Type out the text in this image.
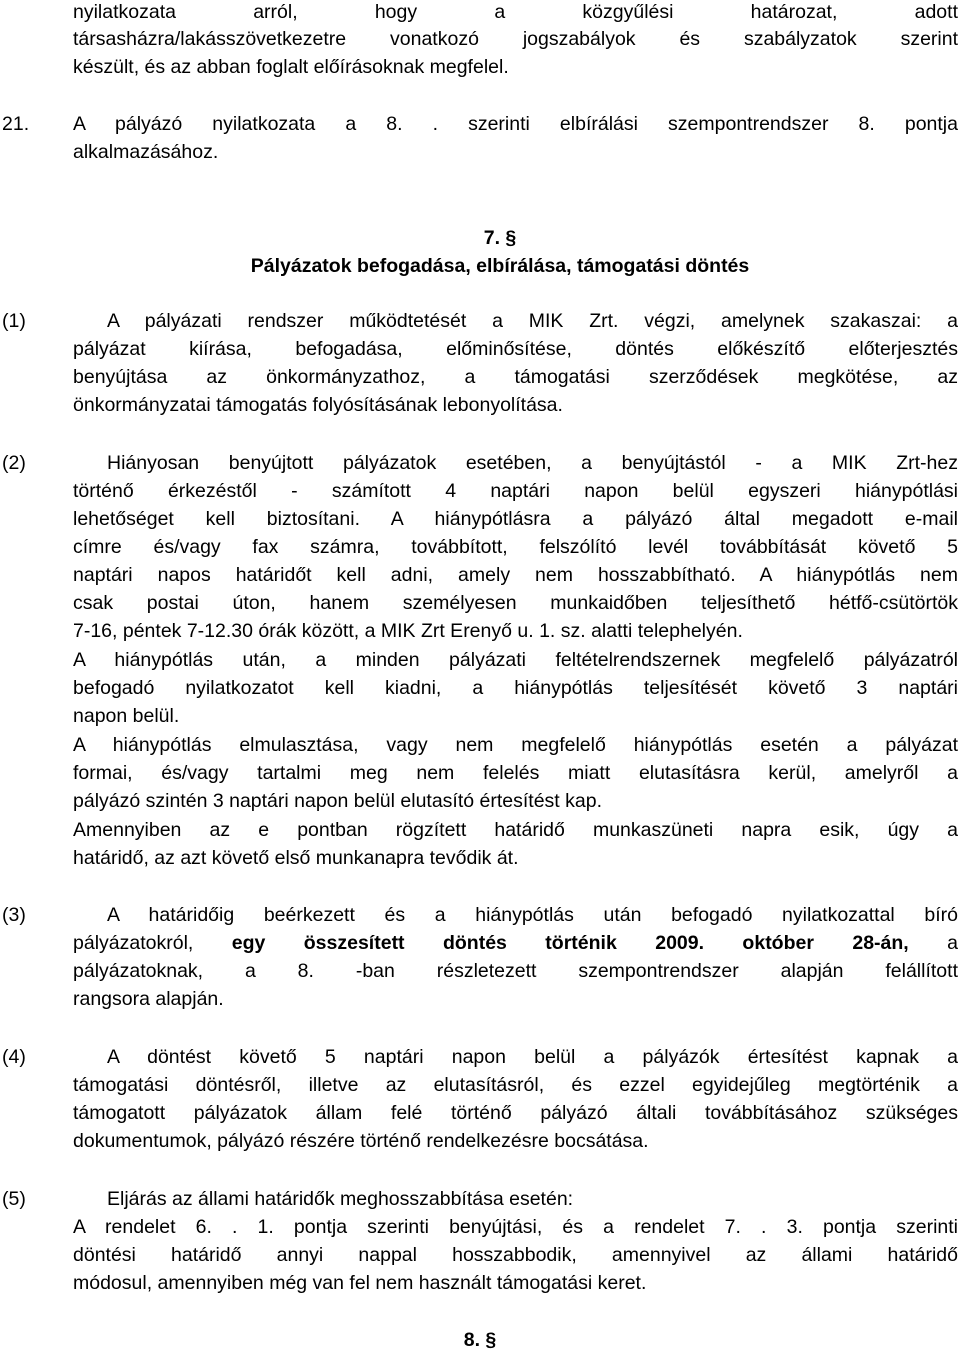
nyilatkozata arról, hogy a közgyűlési határozat, adott
társasházra/lakásszövetkezetre vonatkozó jogszabályok és szabályzatok szerint
készült, és az abban foglalt előírásoknak megfelel.
21. A pályázó nyilatkozata a 8. . szerinti elbírálási szempontrendszer 8. pontja
alkalmazásához.
7. §
Pályázatok befogadása, elbírálása, támogatási döntés
(1)	A pályázati rendszer működtetését a MIK Zrt. végzi, amelynek szakaszai: a
pályázat kiírása, befogadása, előminősítése, döntés előkészítő előterjesztés
benyújtása az önkormányzathoz, a támogatási szerződések megkötése, az
önkormányzatai támogatás folyósításának lebonyolítása.
(2)	Hiányosan benyújtott pályázatok esetében, a benyújtástól - a MIK Zrt-hez
történő érkezéstől - számított 4 naptári napon belül egyszeri hiánypótlási
lehetőséget kell biztosítani. A hiánypótlásra a pályázó által megadott e-mail
címre és/vagy fax számra, továbbított, felszólító levél továbbítását követő 5
naptári napos határidőt kell adni, amely nem hosszabbítható. A hiánypótlás nem
csak postai úton, hanem személyesen munkaidőben teljesíthető hétfő-csütörtök
7-16, péntek 7-12.30 órák között, a MIK Zrt Erenyő u. 1. sz. alatti telephelyén.
A hiánypótlás után, a minden pályázati feltételrendszernek megfelelő pályázatról
befogadó nyilatkozatot kell kiadni, a hiánypótlás teljesítését követő 3 naptári
napon belül.
A hiánypótlás elmulasztása, vagy nem megfelelő hiánypótlás esetén a pályázat
formai, és/vagy tartalmi meg nem felelés miatt elutasításra kerül, amelyről a
pályázó szintén 3 naptári napon belül elutasító értesítést kap.
Amennyiben az e pontban rögzített határidő munkaszüneti napra esik, úgy a
határidő, az azt követő első munkanapra tevődik át.
(3)	A határidőig beérkezett és a hiánypótlás után befogadó nyilatkozattal bíró
pályázatokról, egy összesített döntés történik 2009. október 28-án, a
pályázatoknak, a 8. -ban részletezett szempontrendszer alapján felállított
rangsora alapján.
(4)	A döntést követő 5 naptári napon belül a pályázók értesítést kapnak a
támogatási döntésről, illetve az elutasításról, és ezzel egyidejűleg megtörténik a
támogatott pályázatok állam felé történő pályázó általi továbbításához szükséges
dokumentumok, pályázó részére történő rendelkezésre bocsátása.
(5)	Eljárás az állami határidők meghosszabbítása esetén:
A rendelet 6. . 1. pontja szerinti benyújtási, és a rendelet 7. . 3. pontja szerinti
döntési határidő annyi nappal hosszabbodik, amennyivel az állami határidő
módosul, amennyiben még van fel nem használt támogatási keret.
8. §
